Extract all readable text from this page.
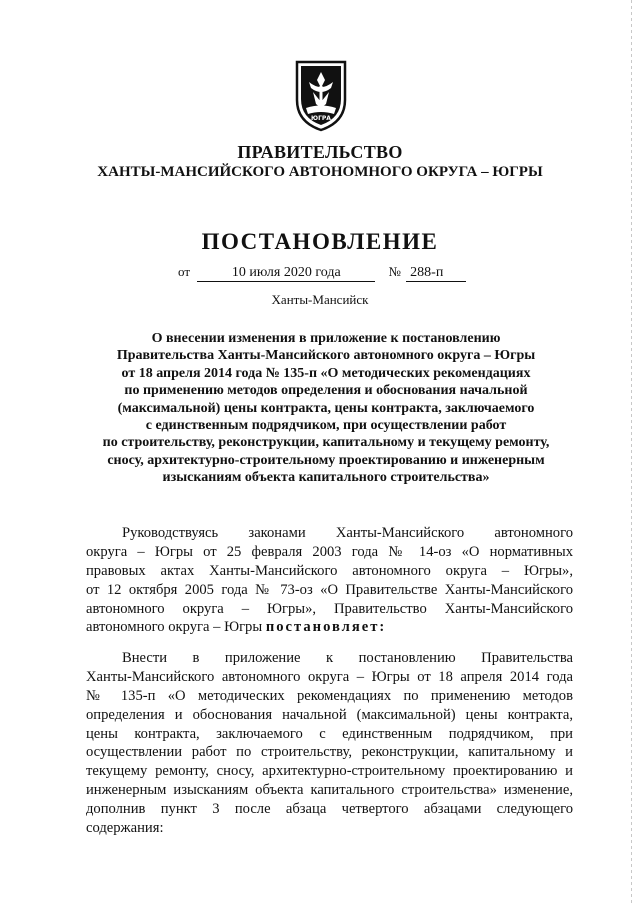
ЮГРА
ПРАВИТЕЛЬСТВО
ХАНТЫ-МАНСИЙСКОГО АВТОНОМНОГО ОКРУГА – ЮГРЫ
ПОСТАНОВЛЕНИЕ
от	10 июля 2020 года	№ 288-п
Ханты-Мансийск
О внесении изменения в приложение к постановлению
Правительства Ханты-Мансийского автономного округа – Югры
от 18 апреля 2014 года № 135-п «О методических рекомендациях
по применению методов определения и обоснования начальной
(максимальной) цены контракта, цены контракта, заключаемого
с единственным подрядчиком, при осуществлении работ
по строительству, реконструкции, капитальному и текущему ремонту,
сносу, архитектурно-строительному проектированию и инженерным
изысканиям объекта капитального строительства»
Руководствуясь законами Ханты-Мансийского автономного
округа – Югры от 25 февраля 2003 года № 14-оз «О нормативных
правовых актах Ханты-Мансийского автономного округа – Югры»,
от 12 октября 2005 года № 73-оз «О Правительстве Ханты-Мансийского
автономного округа – Югры», Правительство Ханты-Мансийского
автономного округа – Югры постановляет:
Внести в приложение к постановлению Правительства
Ханты-Мансийского автономного округа – Югры от 18 апреля 2014 года
№ 135-п «О методических рекомендациях по применению методов
определения и обоснования начальной (максимальной) цены контракта,
цены контракта, заключаемого с единственным подрядчиком, при
осуществлении работ по строительству, реконструкции, капитальному и
текущему ремонту, сносу, архитектурно-строительному проектированию и
инженерным изысканиям объекта капитального строительства» изменение,
дополнив пункт 3 после абзаца четвертого абзацами следующего
содержания:
